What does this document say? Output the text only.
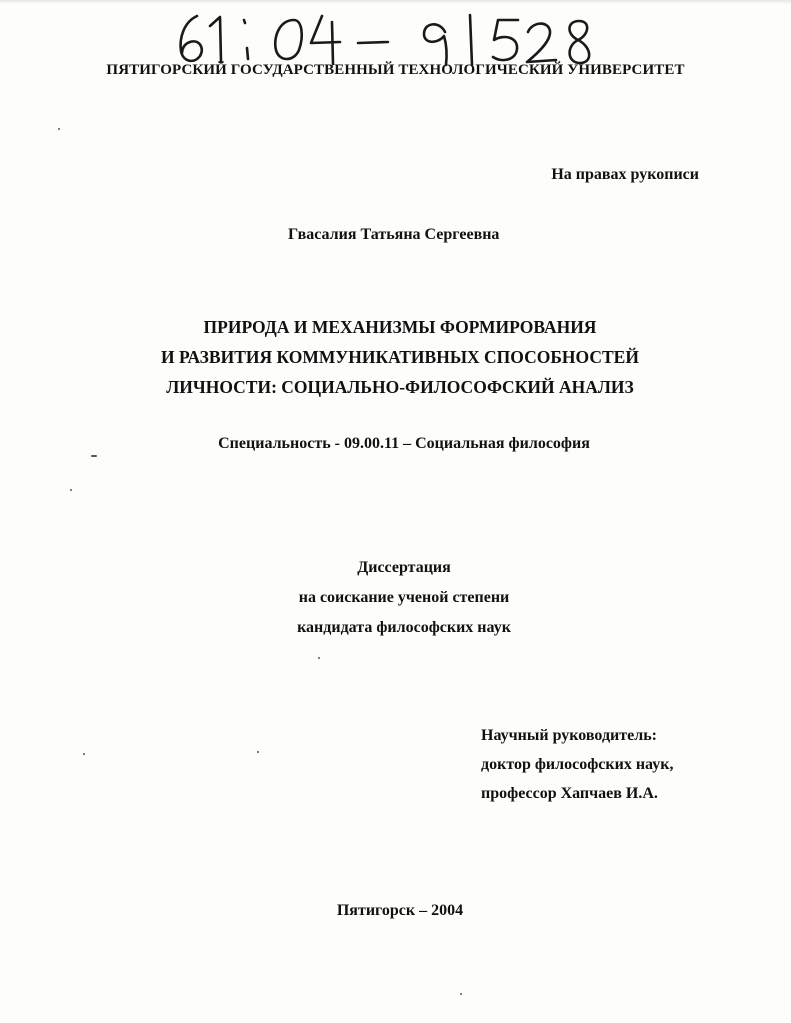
ПЯТИГОРСКИЙ ГОСУДАРСТВЕННЫЙ ТЕХНОЛОГИЧЕСКИЙ УНИВЕРСИТЕТ
На правах рукописи
Гвасалия Татьяна Сергеевна
ПРИРОДА И МЕХАНИЗМЫ ФОРМИРОВАНИЯ
И РАЗВИТИЯ КОММУНИКАТИВНЫХ СПОСОБНОСТЕЙ
ЛИЧНОСТИ: СОЦИАЛЬНО-ФИЛОСОФСКИЙ АНАЛИЗ
Специальность - 09.00.11 – Социальная философия
Диссертация
на соискание ученой степени
кандидата философских наук
Научный руководитель:
доктор философских наук,
профессор Хапчаев И.А.
Пятигорск – 2004
